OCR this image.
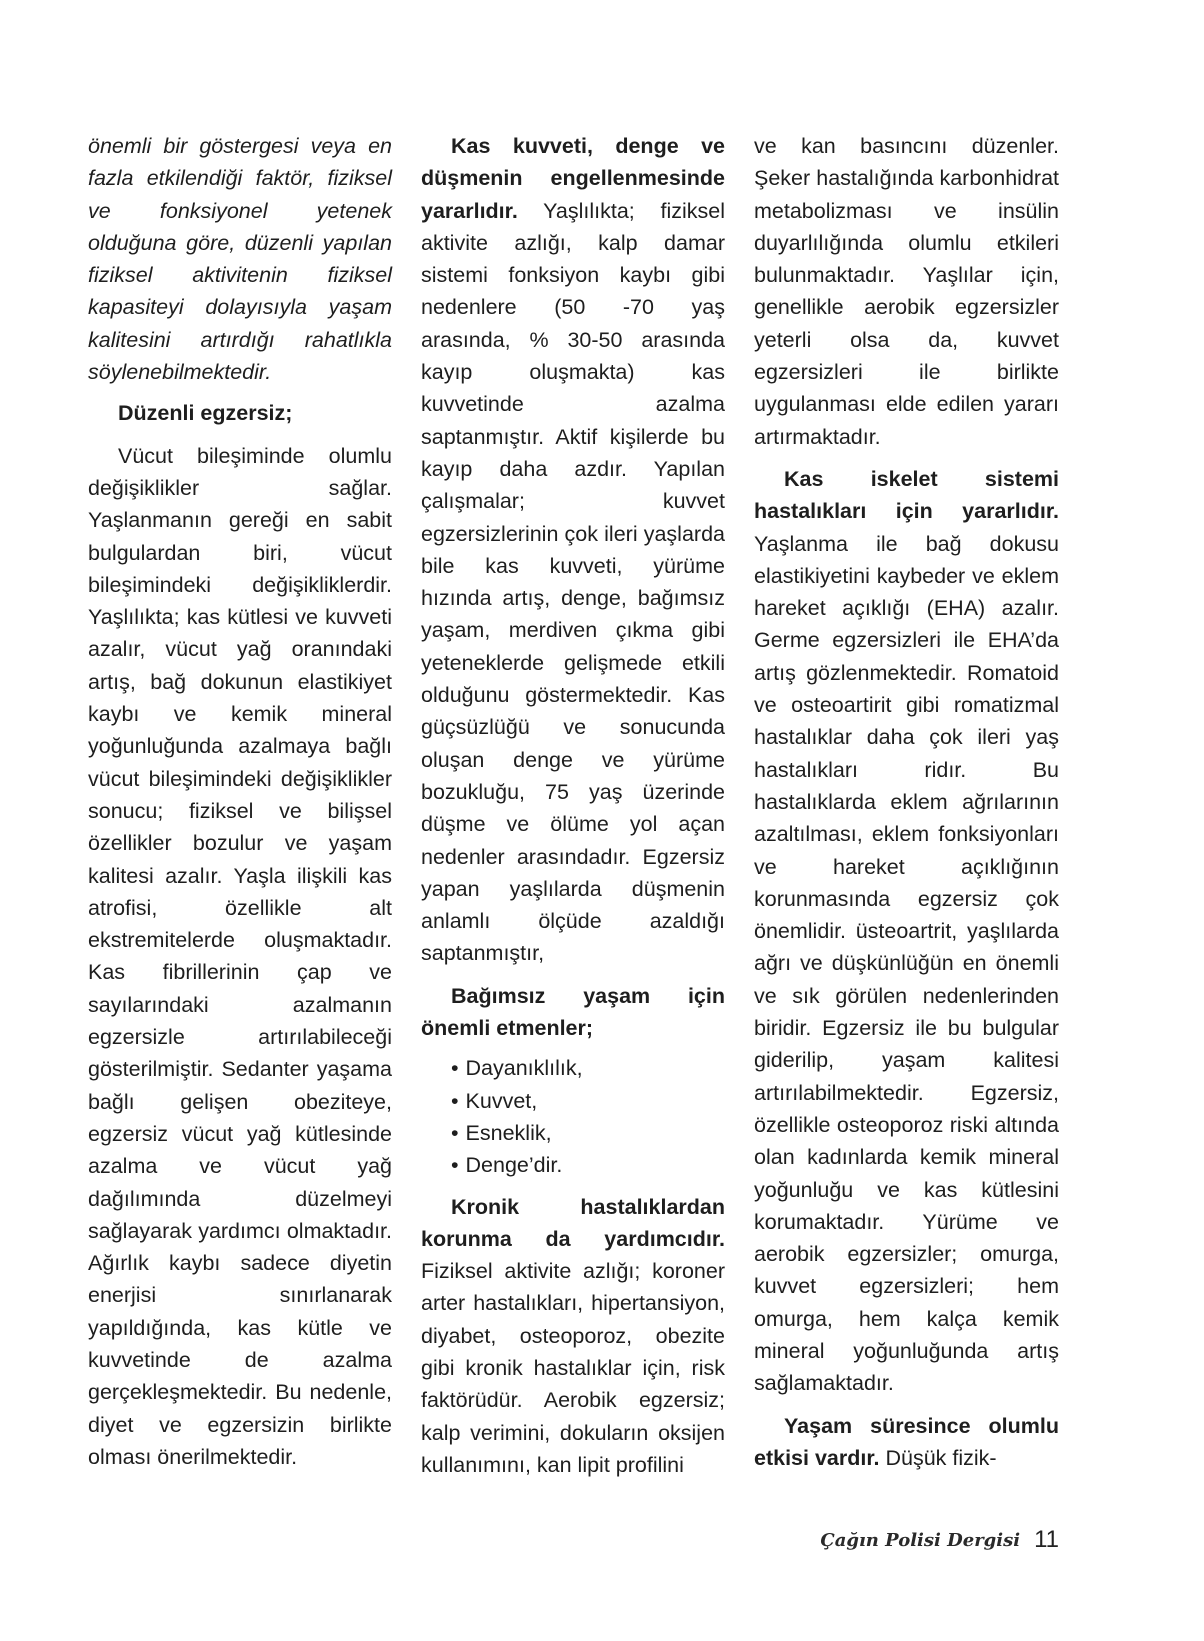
önemli bir göstergesi veya en fazla etkilendiği faktör, fiziksel ve fonksiyonel yetenek olduğuna göre, düzenli yapılan fiziksel aktivitenin fiziksel kapasiteyi dolayısıyla yaşam kalitesini artırdığı rahatlıkla söylenebilmektedir.

Düzenli egzersiz;

Vücut bileşiminde olumlu değişiklikler sağlar. Yaşlanmanın gereği en sabit bulgulardan biri, vücut bileşimindeki değişikliklerdir. Yaşlılıkta; kas kütlesi ve kuvveti azalır, vücut yağ oranındaki artış, bağ dokunun elastikiyet kaybı ve kemik mineral yoğunluğunda azalmaya bağlı vücut bileşimindeki değişiklikler sonucu; fiziksel ve bilişsel özellikler bozulur ve yaşam kalitesi azalır. Yaşla ilişkili kas atrofisi, özellikle alt ekstremitelerde oluşmaktadır. Kas fibrillerinin çap ve sayılarındaki azalmanın egzersizle artırılabileceği gösterilmiştir. Sedanter yaşama bağlı gelişen obeziteye, egzersiz vücut yağ kütlesinde azalma ve vücut yağ dağılımında düzelmeyi sağlayarak yardımcı olmaktadır. Ağırlık kaybı sadece diyetin enerjisi sınırlanarak yapıldığında, kas kütle ve kuvvetinde de azalma gerçekleşmektedir. Bu nedenle, diyet ve egzersizin birlikte olması önerilmektedir.

Kas kuvveti, denge ve düşmenin engellenmesinde yararlıdır. Yaşlılıkta; fiziksel aktivite azlığı, kalp damar sistemi fonksiyon kaybı gibi nedenlere (50 -70 yaş arasında, % 30-50 arasında kayıp oluşmakta) kas kuvvetinde azalma saptanmıştır. Aktif kişilerde bu kayıp daha azdır. Yapılan çalışmalar; kuvvet egzersizlerinin çok ileri yaşlarda bile kas kuvveti, yürüme hızında artış, denge, bağımsız yaşam, merdiven çıkma gibi yeteneklerde gelişmede etkili olduğunu göstermektedir. Kas güçsüzlüğü ve sonucunda oluşan denge ve yürüme bozukluğu, 75 yaş üzerinde düşme ve ölüme yol açan nedenler arasındadır. Egzersiz yapan yaşlılarda düşmenin anlamlı ölçüde azaldığı saptanmıştır,

Bağımsız yaşam için önemli etmenler;

• Dayanıklılık,
• Kuvvet,
• Esneklik,
• Denge’dir.

Kronik hastalıklardan korunma da yardımcıdır. Fiziksel aktivite azlığı; koroner arter hastalıkları, hipertansiyon, diyabet, osteoporoz, obezite gibi kronik hastalıklar için, risk faktörüdür. Aerobik egzersiz; kalp verimini, dokuların oksijen kullanımını, kan lipit profilini

ve kan basıncını düzenler. Şeker hastalığında karbonhidrat metabolizması ve insülin duyarlılığında olumlu etkileri bulunmaktadır. Yaşlılar için, genellikle aerobik egzersizler yeterli olsa da, kuvvet egzersizleri ile birlikte uygulanması elde edilen yararı artırmaktadır.

Kas iskelet sistemi hastalıkları için yararlıdır. Yaşlanma ile bağ dokusu elastikiyetini kaybeder ve eklem hareket açıklığı (EHA) azalır. Germe egzersizleri ile EHA’da artış gözlenmektedir. Romatoid ve osteoartirit gibi romatizmal hastalıklar daha çok ileri yaş hastalıkları ridır. Bu hastalıklarda eklem ağrılarının azaltılması, eklem fonksiyonları ve hareket açıklığının korunmasında egzersiz çok önemlidir. üsteoartrit, yaşlılarda ağrı ve düşkünlüğün en önemli ve sık görülen nedenlerinden biridir. Egzersiz ile bu bulgular giderilip, yaşam kalitesi artırılabilmektedir. Egzersiz, özellikle osteoporoz riski altında olan kadınlarda kemik mineral yoğunluğu ve kas kütlesini korumaktadır. Yürüme ve aerobik egzersizler; omurga, kuvvet egzersizleri; hem omurga, hem kalça kemik mineral yoğunluğunda artış sağlamaktadır.

Yaşam süresince olumlu etkisi vardır. Düşük fizik-

Çağın Polisi Dergisi 11
